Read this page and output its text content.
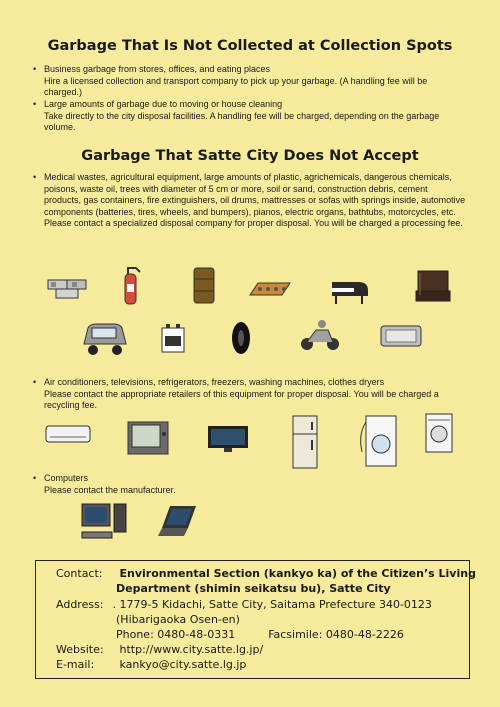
Garbage That Is Not Collected at Collection Spots
• Business garbage from stores, offices, and eating places
Hire a licensed collection and transport company to pick up your garbage. (A handling fee will be charged.)
• Large amounts of garbage due to moving or house cleaning
Take directly to the city disposal facilities. A handling fee will be charged, depending on the garbage volume.
Garbage That Satte City Does Not Accept
• Medical wastes, agricultural equipment, large amounts of plastic, agrichemicals, dangerous chemicals, poisons, waste oil, trees with diameter of 5 cm or more, soil or sand, construction debris, cement products, gas containers, fire extinguishers, oil drums, mattresses or sofas with springs inside, automotive components (batteries, tires, wheels, and bumpers), pianos, electric organs, bathtubs, motorcycles, etc.
Please contact a specialized disposal company for proper disposal. You will be charged a processing fee.
• Air conditioners, televisions, refrigerators, freezers, washing machines, clothes dryers
Please contact the appropriate retailers of this equipment for proper disposal. You will be charged a recycling fee.
• Computers
Please contact the manufacturer.
Contact: Environmental Section (kankyo ka) of the Citizen’s Living
Department (shimin seikatsu bu), Satte City
Address: . 1779-5 Kidachi, Satte City, Saitama Prefecture 340-0123
(Hibarigaoka Osen-en)
Phone: 0480-48-0331	Facsimile: 0480-48-2226
Website: http://www.city.satte.lg.jp/
E-mail: kankyo@city.satte.lg.jp
